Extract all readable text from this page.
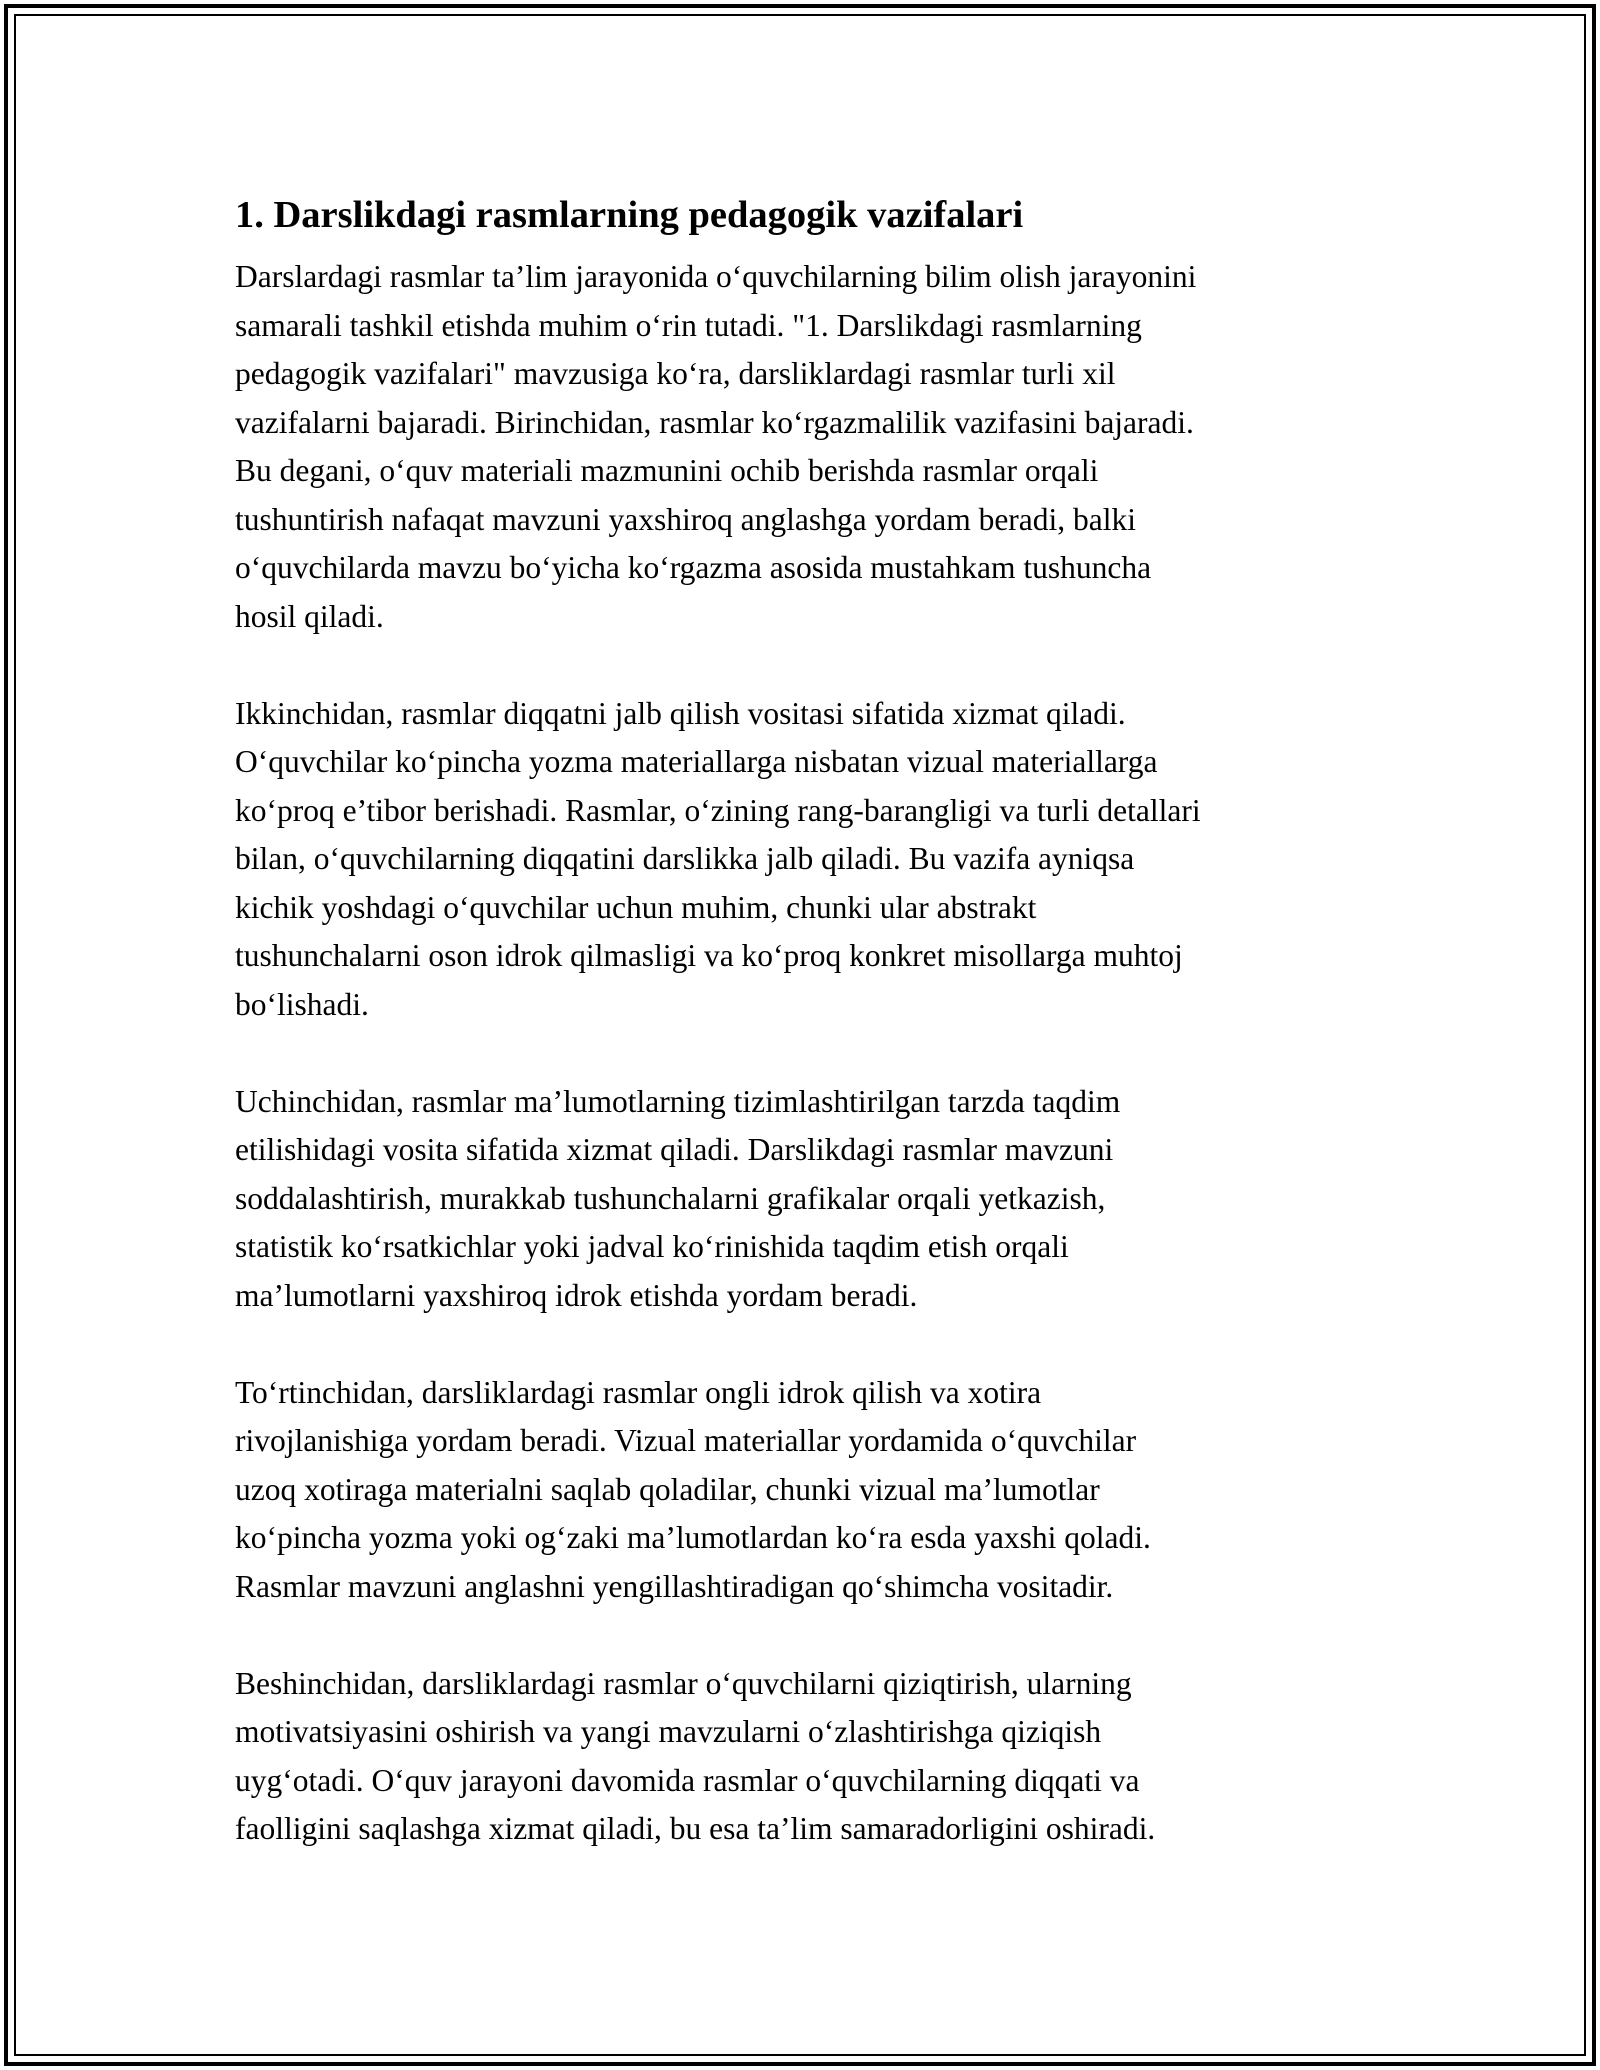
1. Darslikdagi rasmlarning pedagogik vazifalari

Darslardagi rasmlar ta’lim jarayonida o‘quvchilarning bilim olish jarayonini
samarali tashkil etishda muhim o‘rin tutadi. "1. Darslikdagi rasmlarning
pedagogik vazifalari" mavzusiga ko‘ra, darsliklardagi rasmlar turli xil
vazifalarni bajaradi. Birinchidan, rasmlar ko‘rgazmalilik vazifasini bajaradi.
Bu degani, o‘quv materiali mazmunini ochib berishda rasmlar orqali
tushuntirish nafaqat mavzuni yaxshiroq anglashga yordam beradi, balki
o‘quvchilarda mavzu bo‘yicha ko‘rgazma asosida mustahkam tushuncha
hosil qiladi.

Ikkinchidan, rasmlar diqqatni jalb qilish vositasi sifatida xizmat qiladi.
O‘quvchilar ko‘pincha yozma materiallarga nisbatan vizual materiallarga
ko‘proq e’tibor berishadi. Rasmlar, o‘zining rang-barangligi va turli detallari
bilan, o‘quvchilarning diqqatini darslikka jalb qiladi. Bu vazifa ayniqsa
kichik yoshdagi o‘quvchilar uchun muhim, chunki ular abstrakt
tushunchalarni oson idrok qilmasligi va ko‘proq konkret misollarga muhtoj
bo‘lishadi.

Uchinchidan, rasmlar ma’lumotlarning tizimlashtirilgan tarzda taqdim
etilishidagi vosita sifatida xizmat qiladi. Darslikdagi rasmlar mavzuni
soddalashtirish, murakkab tushunchalarni grafikalar orqali yetkazish,
statistik ko‘rsatkichlar yoki jadval ko‘rinishida taqdim etish orqali
ma’lumotlarni yaxshiroq idrok etishda yordam beradi.

To‘rtinchidan, darsliklardagi rasmlar ongli idrok qilish va xotira
rivojlanishiga yordam beradi. Vizual materiallar yordamida o‘quvchilar
uzoq xotiraga materialni saqlab qoladilar, chunki vizual ma’lumotlar
ko‘pincha yozma yoki og‘zaki ma’lumotlardan ko‘ra esda yaxshi qoladi.
Rasmlar mavzuni anglashni yengillashtiradigan qo‘shimcha vositadir.

Beshinchidan, darsliklardagi rasmlar o‘quvchilarni qiziqtirish, ularning
motivatsiyasini oshirish va yangi mavzularni o‘zlashtirishga qiziqish
uyg‘otadi. O‘quv jarayoni davomida rasmlar o‘quvchilarning diqqati va
faolligini saqlashga xizmat qiladi, bu esa ta’lim samaradorligini oshiradi.
